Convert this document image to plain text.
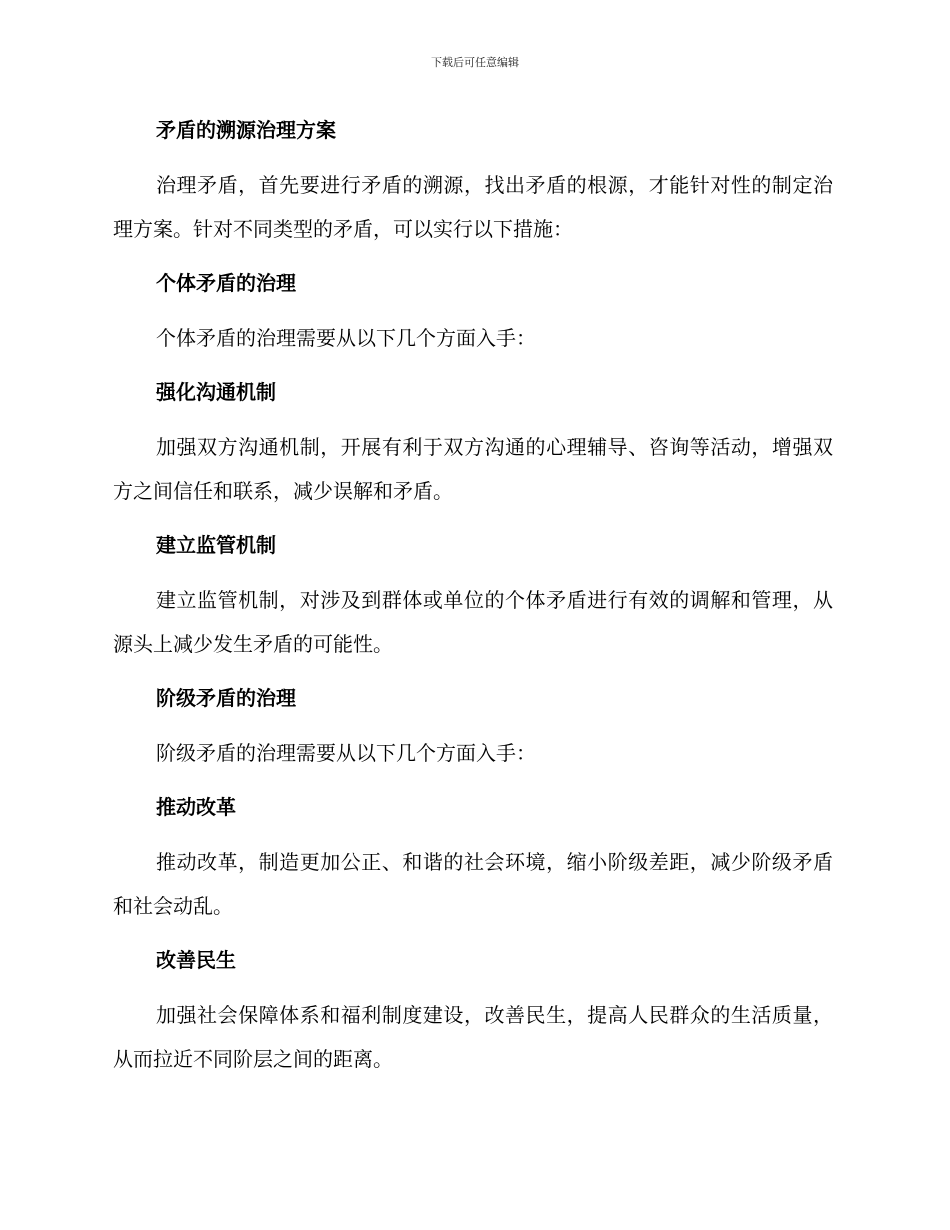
下载后可任意编辑
矛盾的溯源治理方案

治理矛盾，首先要进行矛盾的溯源，找出矛盾的根源，才能针对性的制定治理方案。针对不同类型的矛盾，可以实行以下措施：

个体矛盾的治理

个体矛盾的治理需要从以下几个方面入手：

强化沟通机制

加强双方沟通机制，开展有利于双方沟通的心理辅导、咨询等活动，增强双方之间信任和联系，减少误解和矛盾。

建立监管机制

建立监管机制，对涉及到群体或单位的个体矛盾进行有效的调解和管理，从源头上减少发生矛盾的可能性。

阶级矛盾的治理

阶级矛盾的治理需要从以下几个方面入手：

推动改革

推动改革，制造更加公正、和谐的社会环境，缩小阶级差距，减少阶级矛盾和社会动乱。

改善民生

加强社会保障体系和福利制度建设，改善民生，提高人民群众的生活质量，从而拉近不同阶层之间的距离。
